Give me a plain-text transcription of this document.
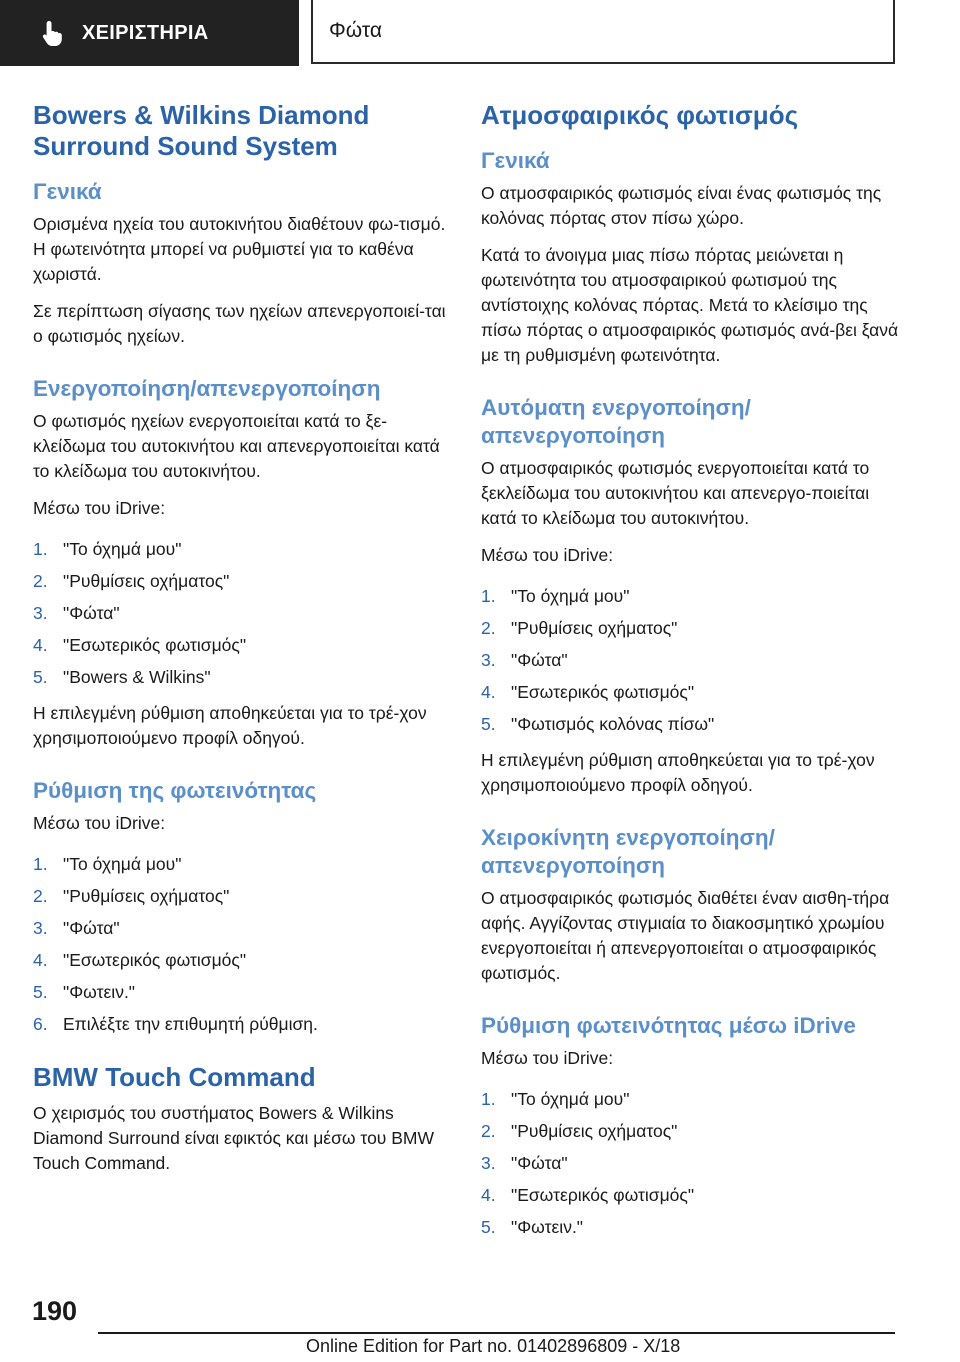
ΧΕΙΡΙΣΤΗΡΙΑ	Φώτα
Bowers & Wilkins Diamond Surround Sound System
Γενικά

Ορισμένα ηχεία του αυτοκινήτου διαθέτουν φω-τισμό. Η φωτεινότητα μπορεί να ρυθμιστεί για το καθένα χωριστά.

Σε περίπτωση σίγασης των ηχείων απενεργοποιεί-ται ο φωτισμός ηχείων.

Ενεργοποίηση/απενεργοποίηση

Ο φωτισμός ηχείων ενεργοποιείται κατά το ξε-κλείδωμα του αυτοκινήτου και απενεργοποιείται κατά το κλείδωμα του αυτοκινήτου.

Μέσω του iDrive:

1. "Το όχημά μου"
2. "Ρυθμίσεις οχήματος"
3. "Φώτα"
4. "Εσωτερικός φωτισμός"
5. "Bowers & Wilkins"

Η επιλεγμένη ρύθμιση αποθηκεύεται για το τρέ-χον χρησιμοποιούμενο προφίλ οδηγού.

Ρύθμιση της φωτεινότητας

Μέσω του iDrive:

1. "Το όχημά μου"
2. "Ρυθμίσεις οχήματος"
3. "Φώτα"
4. "Εσωτερικός φωτισμός"
5. "Φωτειν."
6. Επιλέξτε την επιθυμητή ρύθμιση.
BMW Touch Command

Ο χειρισμός του συστήματος Bowers & Wilkins Diamond Surround είναι εφικτός και μέσω του BMW Touch Command.

Ατμοσφαιρικός φωτισμός
Γενικά

Ο ατμοσφαιρικός φωτισμός είναι ένας φωτισμός της κολόνας πόρτας στον πίσω χώρο.

Κατά το άνοιγμα μιας πίσω πόρτας μειώνεται η φωτεινότητα του ατμοσφαιρικού φωτισμού της αντίστοιχης κολόνας πόρτας. Μετά το κλείσιμο της πίσω πόρτας ο ατμοσφαιρικός φωτισμός ανά-βει ξανά με τη ρυθμισμένη φωτεινότητα.

Αυτόματη ενεργοποίηση/ απενεργοποίηση

Ο ατμοσφαιρικός φωτισμός ενεργοποιείται κατά το ξεκλείδωμα του αυτοκινήτου και απενεργο-ποιείται κατά το κλείδωμα του αυτοκινήτου.

Μέσω του iDrive:

1. "Το όχημά μου"
2. "Ρυθμίσεις οχήματος"
3. "Φώτα"
4. "Εσωτερικός φωτισμός"
5. "Φωτισμός κολόνας πίσω"

Η επιλεγμένη ρύθμιση αποθηκεύεται για το τρέ-χον χρησιμοποιούμενο προφίλ οδηγού.

Χειροκίνητη ενεργοποίηση/ απενεργοποίηση

Ο ατμοσφαιρικός φωτισμός διαθέτει έναν αισθη-τήρα αφής. Αγγίζοντας στιγμιαία το διακοσμητικό χρωμίου ενεργοποιείται ή απενεργοποιείται ο ατμοσφαιρικός φωτισμός.

Ρύθμιση φωτεινότητας μέσω iDrive

Μέσω του iDrive:

1. "Το όχημά μου"
2. "Ρυθμίσεις οχήματος"
3. "Φώτα"
4. "Εσωτερικός φωτισμός"
5. "Φωτειν."
190
Online Edition for Part no. 01402896809 - X/18
